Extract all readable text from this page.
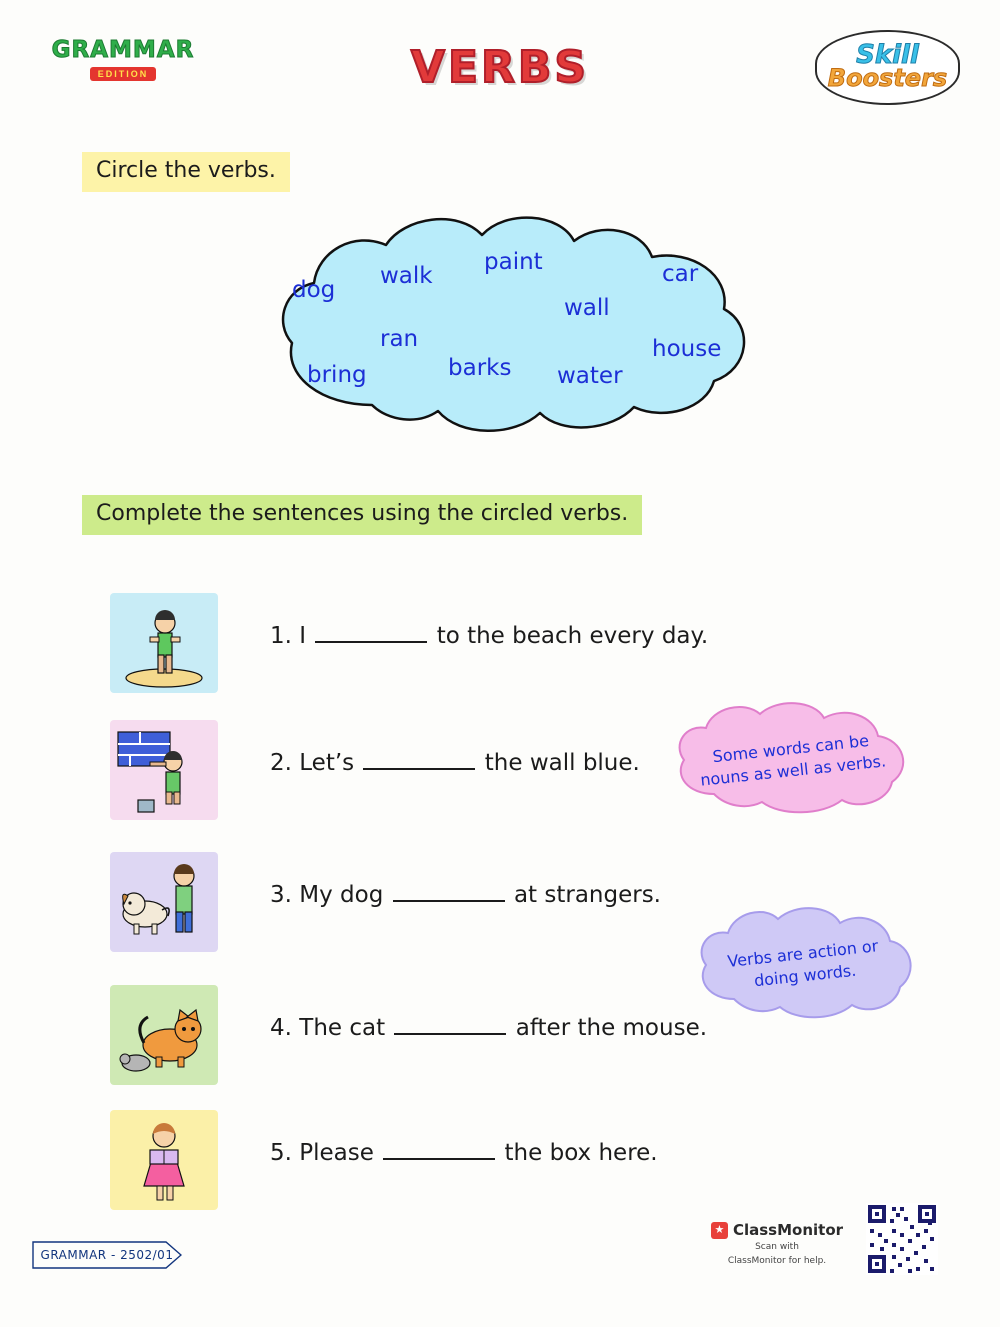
GRAMMAR
EDITION	VERBS	Skill
Boosters
Circle the verbs.
dog
walk
paint	car
wall
ran	house
bring	barks water
Complete the sentences using the circled verbs.
1. I	to the beach every day.
2. Let’s	the wall blue.
3. My dog	at strangers.
4. The cat	after the mouse.
5. Please	the box here.
Some words can be nouns as well as verbs.
Verbs are action or doing words.
GRAMMAR - 2502/01
★ ClassMonitor
Scan with
ClassMonitor for help.
